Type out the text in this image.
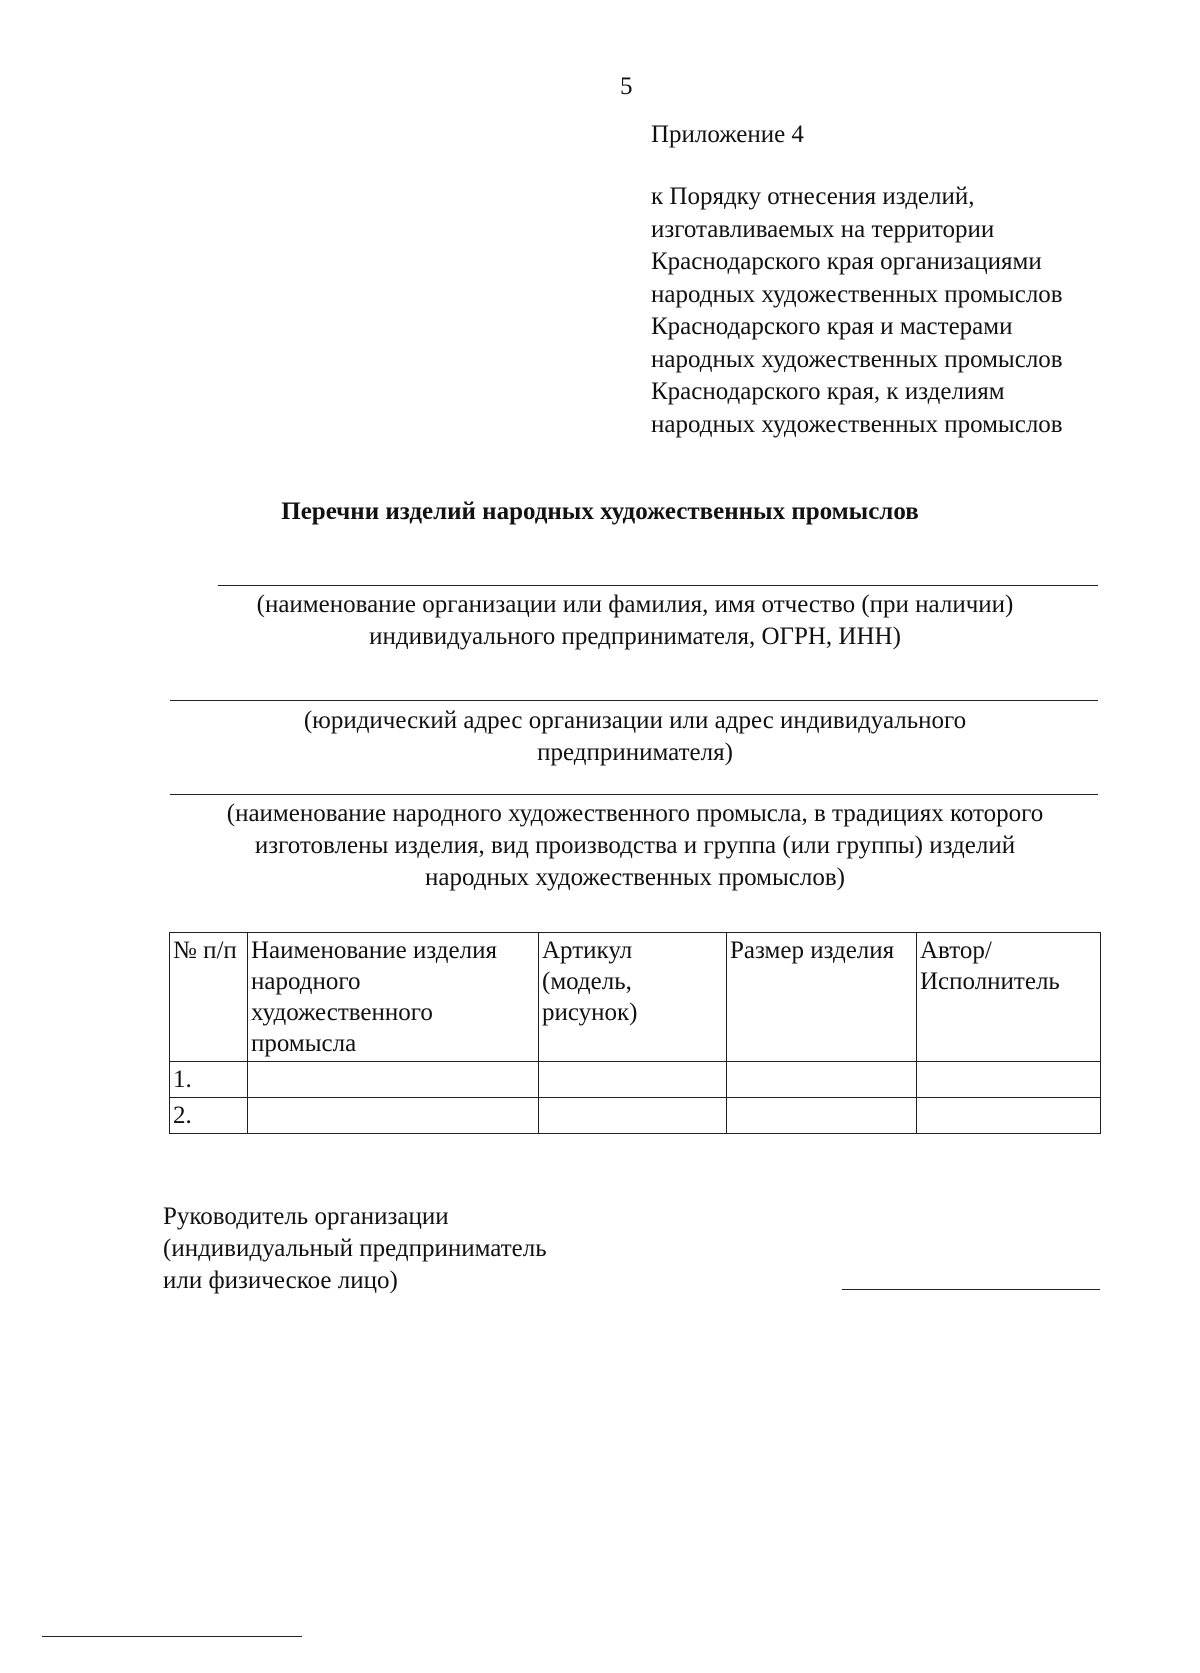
5
Приложение 4
к Порядку отнесения изделий,
изготавливаемых на территории
Краснодарского края организациями
народных художественных промыслов
Краснодарского края и мастерами
народных художественных промыслов
Краснодарского края, к изделиям
народных художественных промыслов
Перечни изделий народных художественных промыслов
(наименование организации или фамилия, имя отчество (при наличии)
индивидуального предпринимателя, ОГРН, ИНН)
(юридический адрес организации или адрес индивидуального
предпринимателя)
(наименование народного художественного промысла, в традициях которого
изготовлены изделия, вид производства и группа (или группы) изделий
народных художественных промыслов)
№ п/п	Наименование изделия народного художественного промысла	Артикул (модель, рисунок)	Размер изделия	Автор/ Исполнитель
1.				
2.				
Руководитель организации
(индивидуальный предприниматель
или физическое лицо)
